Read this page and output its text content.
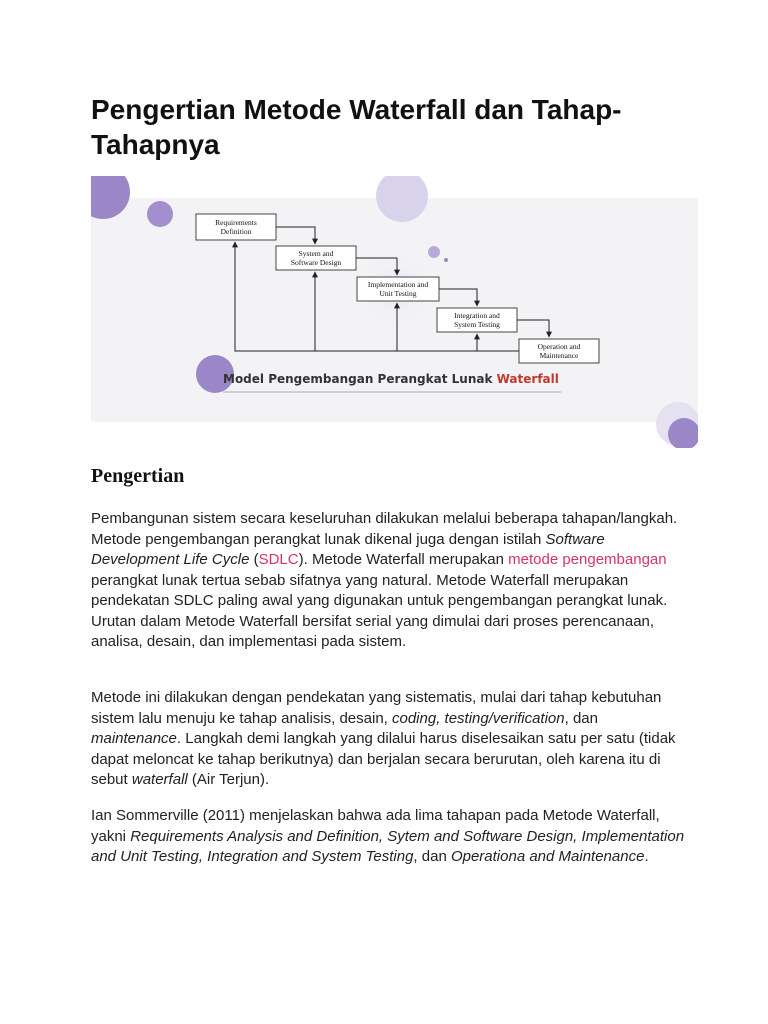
Pengertian Metode Waterfall dan Tahap-Tahapnya
Requirements
Definition
System and
Software Design
Implementation and
Unit Testing
Integration and
System Testing
Operation and
Maintenance
Model Pengembangan Perangkat Lunak Waterfall
Pengertian

Pembangunan sistem secara keseluruhan dilakukan melalui beberapa tahapan/langkah. Metode pengembangan perangkat lunak dikenal juga dengan istilah Software Development Life Cycle (SDLC). Metode Waterfall merupakan metode pengembangan perangkat lunak tertua sebab sifatnya yang natural. Metode Waterfall merupakan pendekatan SDLC paling awal yang digunakan untuk pengembangan perangkat lunak. Urutan dalam Metode Waterfall bersifat serial yang dimulai dari proses perencanaan, analisa, desain, dan implementasi pada sistem.

Metode ini dilakukan dengan pendekatan yang sistematis, mulai dari tahap kebutuhan sistem lalu menuju ke tahap analisis, desain, coding, testing/verification, dan maintenance. Langkah demi langkah yang dilalui harus diselesaikan satu per satu (tidak dapat meloncat ke tahap berikutnya) dan berjalan secara berurutan, oleh karena itu di sebut waterfall (Air Terjun).

Ian Sommerville (2011) menjelaskan bahwa ada lima tahapan pada Metode Waterfall, yakni Requirements Analysis and Definition, Sytem and Software Design, Implementation and Unit Testing, Integration and System Testing, dan Operationa and Maintenance.
